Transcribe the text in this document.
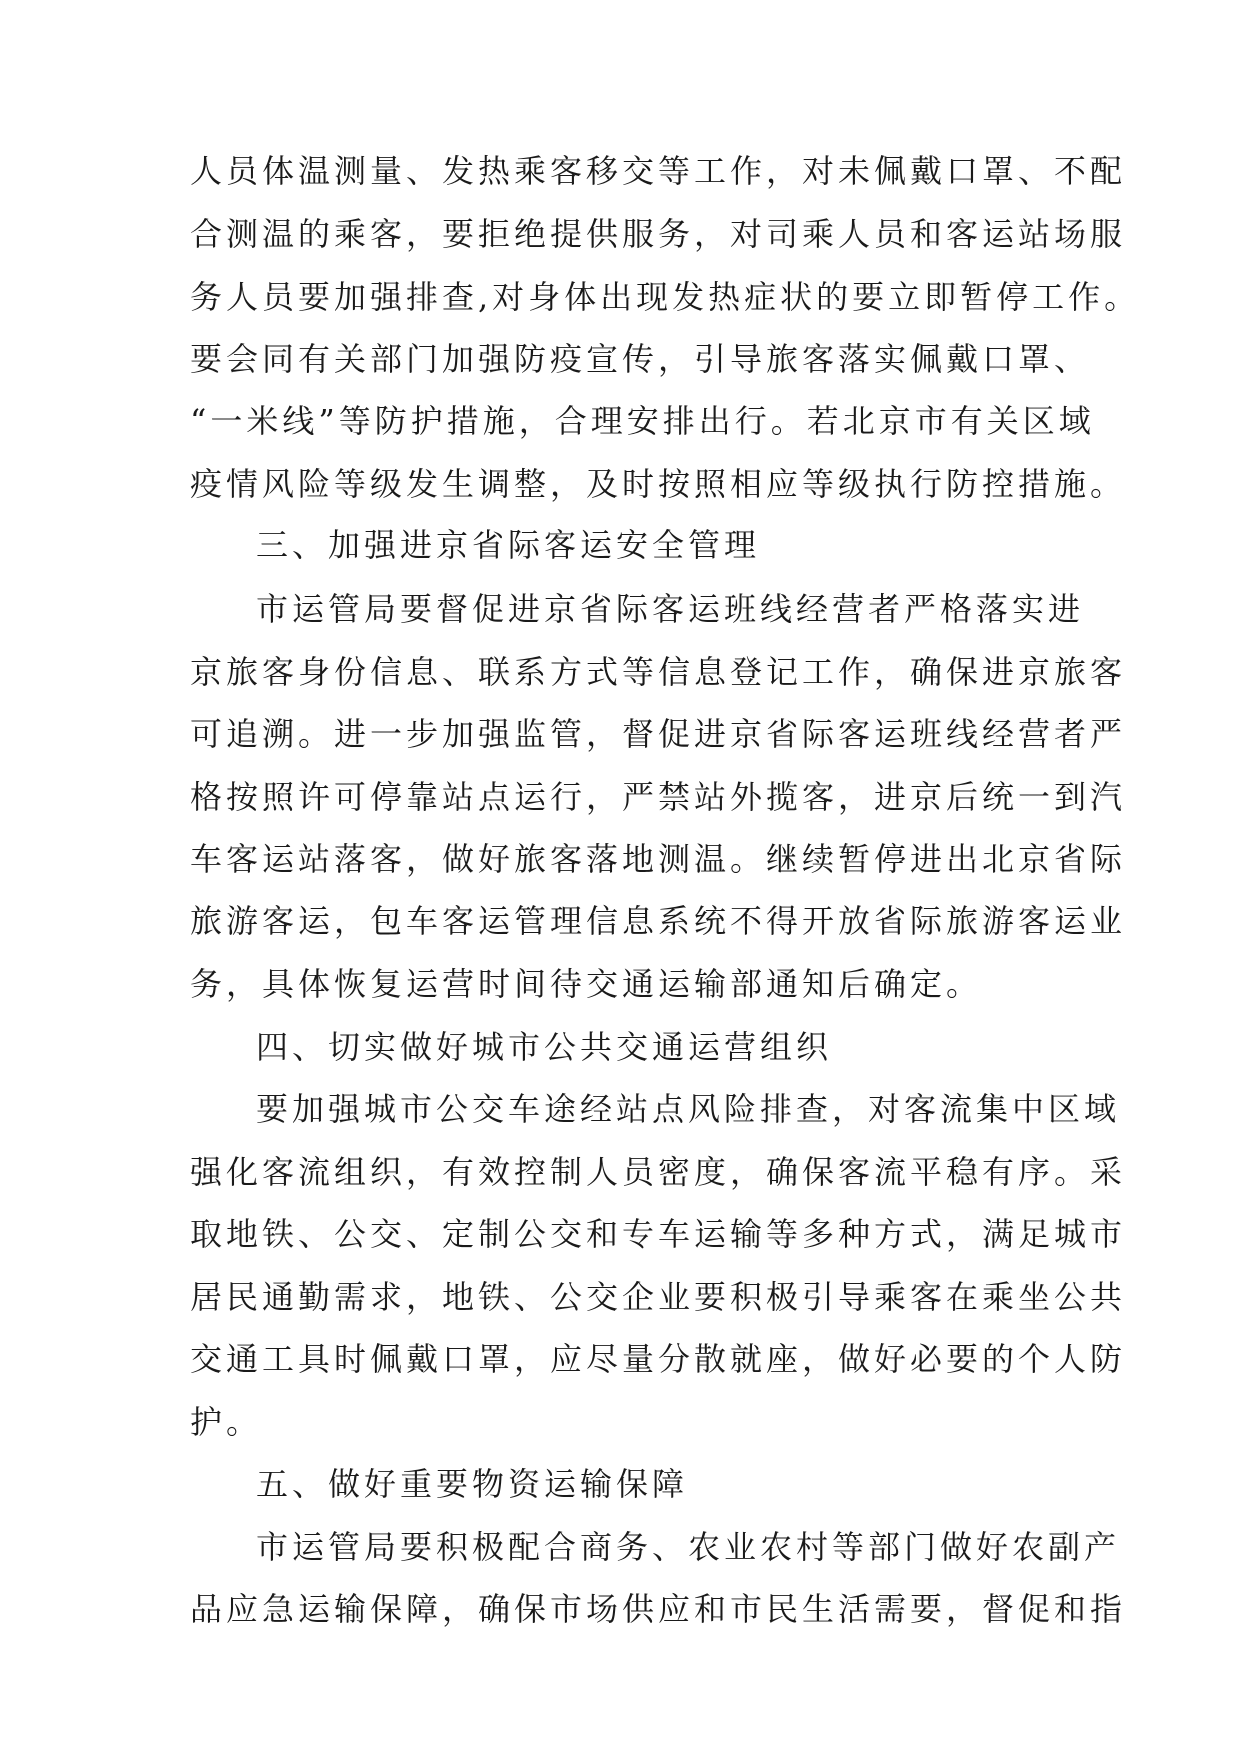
人员体温测量、发热乘客移交等工作，对未佩戴口罩、不配
合测温的乘客，要拒绝提供服务，对司乘人员和客运站场服
务人员要加强排查,对身体出现发热症状的要立即暂停工作。
要会同有关部门加强防疫宣传，引导旅客落实佩戴口罩、
“一米线”等防护措施，合理安排出行。若北京市有关区域
疫情风险等级发生调整，及时按照相应等级执行防控措施。
三、加强进京省际客运安全管理
市运管局要督促进京省际客运班线经营者严格落实进
京旅客身份信息、联系方式等信息登记工作，确保进京旅客
可追溯。进一步加强监管，督促进京省际客运班线经营者严
格按照许可停靠站点运行，严禁站外揽客，进京后统一到汽
车客运站落客，做好旅客落地测温。继续暂停进出北京省际
旅游客运，包车客运管理信息系统不得开放省际旅游客运业
务，具体恢复运营时间待交通运输部通知后确定。
四、切实做好城市公共交通运营组织
要加强城市公交车途经站点风险排查，对客流集中区域
强化客流组织，有效控制人员密度，确保客流平稳有序。采
取地铁、公交、定制公交和专车运输等多种方式，满足城市
居民通勤需求，地铁、公交企业要积极引导乘客在乘坐公共
交通工具时佩戴口罩，应尽量分散就座，做好必要的个人防
护。
五、做好重要物资运输保障
市运管局要积极配合商务、农业农村等部门做好农副产
品应急运输保障，确保市场供应和市民生活需要，督促和指
